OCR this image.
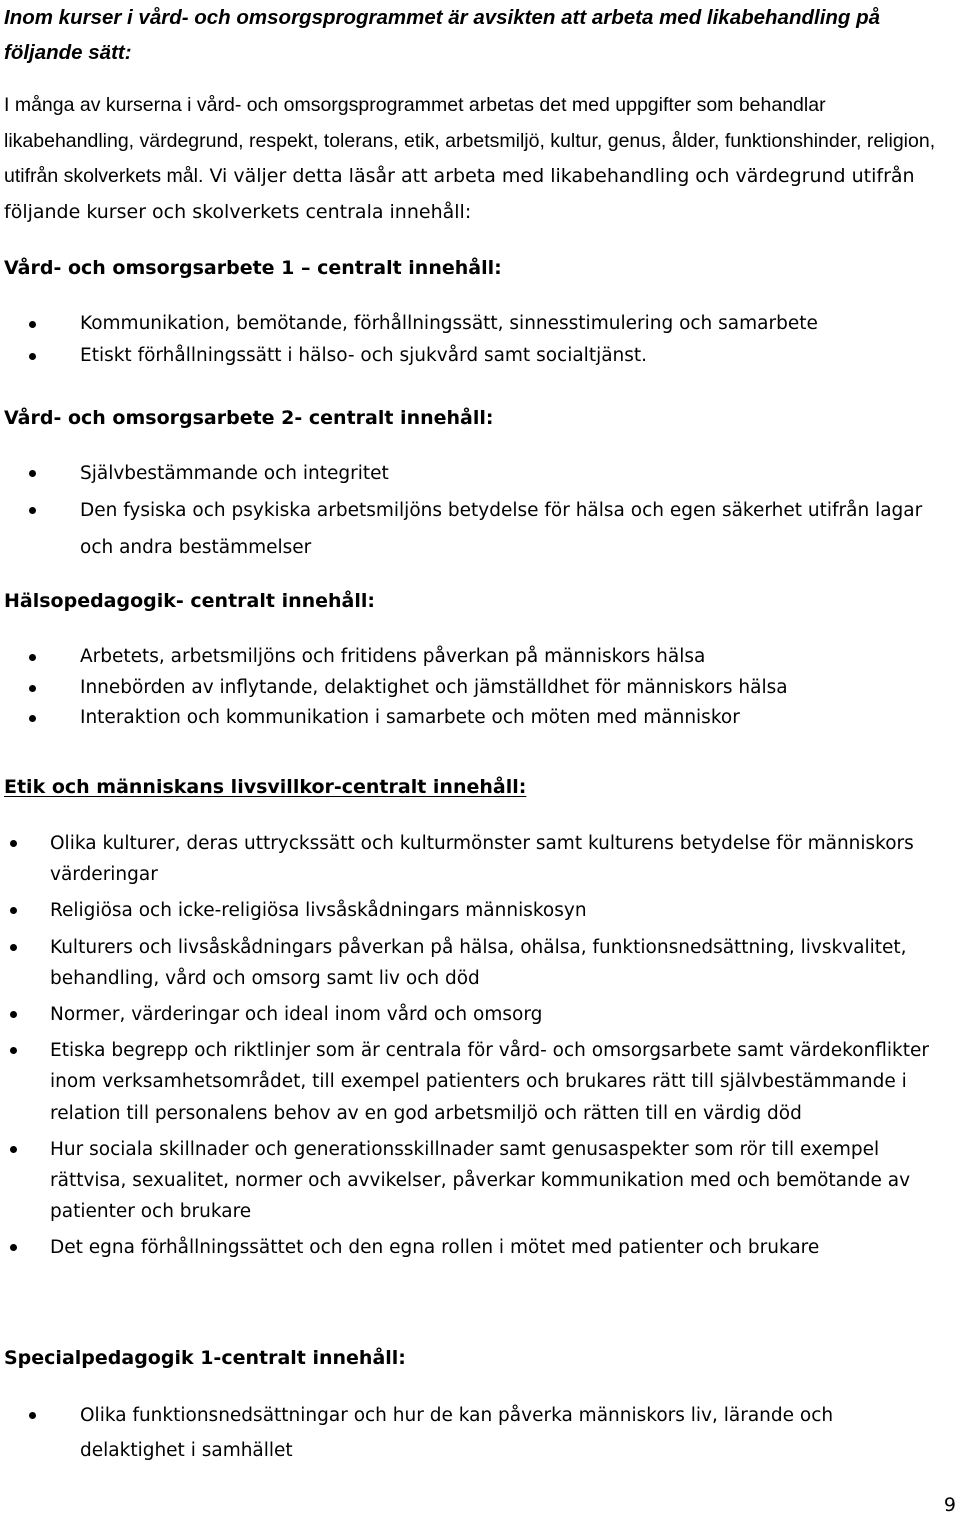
Inom kurser i vård- och omsorgsprogrammet är avsikten att arbeta med likabehandling på följande sätt:

I många av kurserna i vård- och omsorgsprogrammet arbetas det med uppgifter som behandlar likabehandling, värdegrund, respekt, tolerans, etik, arbetsmiljö, kultur, genus, ålder, funktionshinder, religion, utifrån skolverkets mål. Vi väljer detta läsår att arbeta med likabehandling och värdegrund utifrån följande kurser och skolverkets centrala innehåll:

Vård- och omsorgsarbete 1 – centralt innehåll:
Kommunikation, bemötande, förhållningssätt, sinnesstimulering och samarbete
Etiskt förhållningssätt i hälso- och sjukvård samt socialtjänst.
Vård- och omsorgsarbete 2- centralt innehåll:
Självbestämmande och integritet
Den fysiska och psykiska arbetsmiljöns betydelse för hälsa och egen säkerhet utifrån lagar och andra bestämmelser
Hälsopedagogik- centralt innehåll:
Arbetets, arbetsmiljöns och fritidens påverkan på människors hälsa
Innebörden av inflytande, delaktighet och jämställdhet för människors hälsa
Interaktion och kommunikation i samarbete och möten med människor
Etik och människans livsvillkor-centralt innehåll:
Olika kulturer, deras uttryckssätt och kulturmönster samt kulturens betydelse för människors värderingar
Religiösa och icke-religiösa livsåskådningars människosyn
Kulturers och livsåskådningars påverkan på hälsa, ohälsa, funktionsnedsättning, livskvalitet, behandling, vård och omsorg samt liv och död
Normer, värderingar och ideal inom vård och omsorg
Etiska begrepp och riktlinjer som är centrala för vård- och omsorgsarbete samt värdekonflikter inom verksamhetsområdet, till exempel patienters och brukares rätt till självbestämmande i relation till personalens behov av en god arbetsmiljö och rätten till en värdig död
Hur sociala skillnader och generationsskillnader samt genusaspekter som rör till exempel rättvisa, sexualitet, normer och avvikelser, påverkar kommunikation med och bemötande av patienter och brukare
Det egna förhållningssättet och den egna rollen i mötet med patienter och brukare
Specialpedagogik 1-centralt innehåll:
Olika funktionsnedsättningar och hur de kan påverka människors liv, lärande och delaktighet i samhället
9
